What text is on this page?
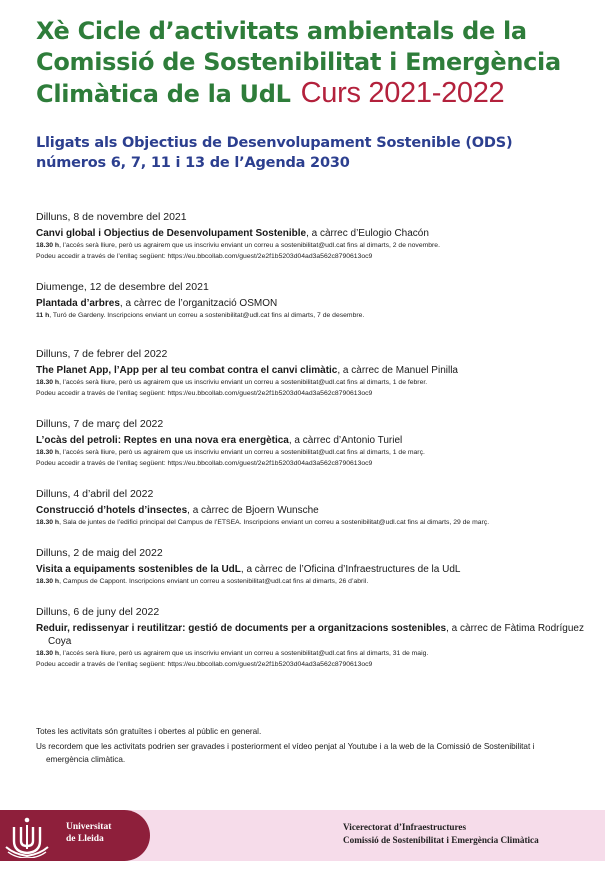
Xè Cicle d’activitats ambientals de la
Comissió de Sostenibilitat i Emergència
Climàtica de la UdL Curs 2021-2022
Lligats als Objectius de Desenvolupament Sostenible (ODS)
números 6, 7, 11 i 13 de l’Agenda 2030
Dilluns, 8 de novembre del 2021
Canvi global i Objectius de Desenvolupament Sostenible, a càrrec d’Eulogio Chacón
18.30 h, l’accés serà lliure, però us agrairem que us inscriviu enviant un correu a sostenibilitat@udl.cat fins al dimarts, 2 de novembre.
Podeu accedir a través de l’enllaç següent: https://eu.bbcollab.com/guest/2e2f1b5203d04ad3a562c8790613oc9
Diumenge, 12 de desembre del 2021
Plantada d’arbres, a càrrec de l’organització OSMON
11 h, Turó de Gardeny. Inscripcions enviant un correu a sostenibilitat@udl.cat fins al dimarts, 7 de desembre.
Dilluns, 7 de febrer del 2022
The Planet App, l’App per al teu combat contra el canvi climàtic, a càrrec de Manuel Pinilla
18.30 h, l’accés serà lliure, però us agrairem que us inscriviu enviant un correu a sostenibilitat@udl.cat fins al dimarts, 1 de febrer.
Podeu accedir a través de l’enllaç següent: https://eu.bbcollab.com/guest/2e2f1b5203d04ad3a562c8790613oc9
Dilluns, 7 de març del 2022
L’ocàs del petroli: Reptes en una nova era energètica, a càrrec d’Antonio Turiel
18.30 h, l’accés serà lliure, però us agrairem que us inscriviu enviant un correu a sostenibilitat@udl.cat fins al dimarts, 1 de març.
Podeu accedir a través de l’enllaç següent: https://eu.bbcollab.com/guest/2e2f1b5203d04ad3a562c8790613oc9
Dilluns, 4 d’abril del 2022
Construcció d’hotels d’insectes, a càrrec de Bjoern Wunsche
18.30 h, Sala de juntes de l’edifici principal del Campus de l’ETSEA. Inscripcions enviant un correu a sostenibilitat@udl.cat fins al dimarts, 29 de març.
Dilluns, 2 de maig del 2022
Visita a equipaments sostenibles de la UdL, a càrrec de l’Oficina d’Infraestructures de la UdL
18.30 h, Campus de Cappont. Inscripcions enviant un correu a sostenibilitat@udl.cat fins al dimarts, 26 d’abril.
Dilluns, 6 de juny del 2022
Reduir, redissenyar i reutilitzar: gestió de documents per a organitzacions sostenibles, a càrrec de Fàtima Rodríguez Coya
18.30 h, l’accés serà lliure, però us agrairem que us inscriviu enviant un correu a sostenibilitat@udl.cat fins al dimarts, 31 de maig.
Podeu accedir a través de l’enllaç següent: https://eu.bbcollab.com/guest/2e2f1b5203d04ad3a562c8790613oc9

Totes les activitats són gratuïtes i obertes al públic en general.

Us recordem que les activitats podrien ser gravades i posteriorment el vídeo penjat al Youtube i a la web de la Comissió de Sostenibilitat i emergència climàtica.

Universitat
de Lleida
Vicerectorat d’Infraestructures
Comissió de Sostenibilitat i Emergència Climàtica
